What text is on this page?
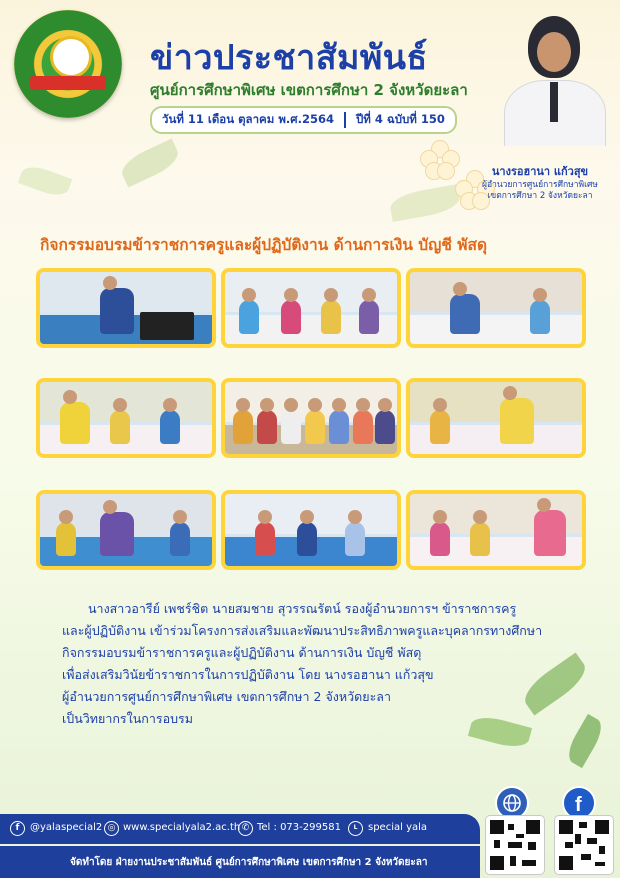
ข่าวประชาสัมพันธ์
ศูนย์การศึกษาพิเศษ เขตการศึกษา 2 จังหวัดยะลา
วันที่ 11 เดือน ตุลาคม พ.ศ.2564 ปีที่ 4 ฉบับที่ 150
นางรอฮานา แก้วสุข
ผู้อำนวยการศูนย์การศึกษาพิเศษ
เขตการศึกษา 2 จังหวัดยะลา
กิจกรรมอบรมข้าราชการครูและผู้ปฏิบัติงาน ด้านการเงิน บัญชี พัสดุ

นางสาวอารีย์ เพชร์ชิต นายสมชาย สุวรรณรัตน์ รองผู้อำนวยการฯ ข้าราชการครู

และผู้ปฏิบัติงาน เข้าร่วมโครงการส่งเสริมและพัฒนาประสิทธิภาพครูและบุคลากรทางศึกษา

กิจกรรมอบรมข้าราชการครูและผู้ปฏิบัติงาน ด้านการเงิน บัญชี พัสดุ

เพื่อส่งเสริมวินัยข้าราชการในการปฏิบัติงาน โดย นางรอฮานา แก้วสุข

ผู้อำนวยการศูนย์การศึกษาพิเศษ เขตการศึกษา 2 จังหวัดยะลา

เป็นวิทยากรในการอบรม

f
f	@yalaspecial2 ◎ www.specialyala2.ac.th ✆ Tel : 073-299581	L	special yala
จัดทำโดย ฝ่ายงานประชาสัมพันธ์ ศูนย์การศึกษาพิเศษ เขตการศึกษา 2 จังหวัดยะลา
